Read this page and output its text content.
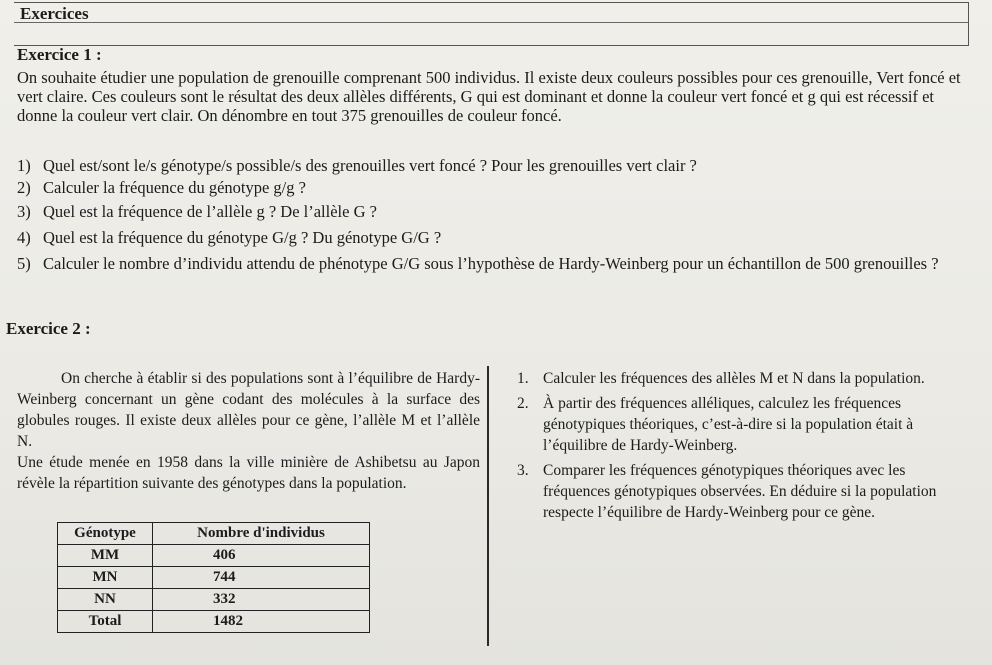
Exercices
Exercice 1 :
On souhaite étudier une population de grenouille comprenant 500 individus. Il existe deux couleurs possibles pour ces grenouille, Vert foncé et vert claire. Ces couleurs sont le résultat des deux allèles différents, G qui est dominant et donne la couleur vert foncé et g qui est récessif et donne la couleur vert clair. On dénombre en tout 375 grenouilles de couleur foncé.
1) Quel est/sont le/s génotype/s possible/s des grenouilles vert foncé ? Pour les grenouilles vert clair ?
2) Calculer la fréquence du génotype g/g ?
3) Quel est la fréquence de l’allèle g ? De l’allèle G ?
4) Quel est la fréquence du génotype G/g ? Du génotype G/G ?
5) Calculer le nombre d’individu attendu de phénotype G/G sous l’hypothèse de Hardy-Weinberg pour un échantillon de 500 grenouilles ?
Exercice 2 :

On cherche à établir si des populations sont à l’équilibre de Hardy-Weinberg concernant un gène codant des molécules à la surface des globules rouges. Il existe deux allèles pour ce gène, l’allèle M et l’allèle N.

Une étude menée en 1958 dans la ville minière de Ashibetsu au Japon révèle la répartition suivante des génotypes dans la population.

Génotype	Nombre d'individus
MM	406
MN	744
NN	332
Total	1482
1. Calculer les fréquences des allèles M et N dans la population.
2. À partir des fréquences alléliques, calculez les fréquences génotypiques théoriques, c’est-à-dire si la population était à l’équilibre de Hardy-Weinberg.
3. Comparer les fréquences génotypiques théoriques avec les fréquences génotypiques observées. En déduire si la population respecte l’équilibre de Hardy-Weinberg pour ce gène.
